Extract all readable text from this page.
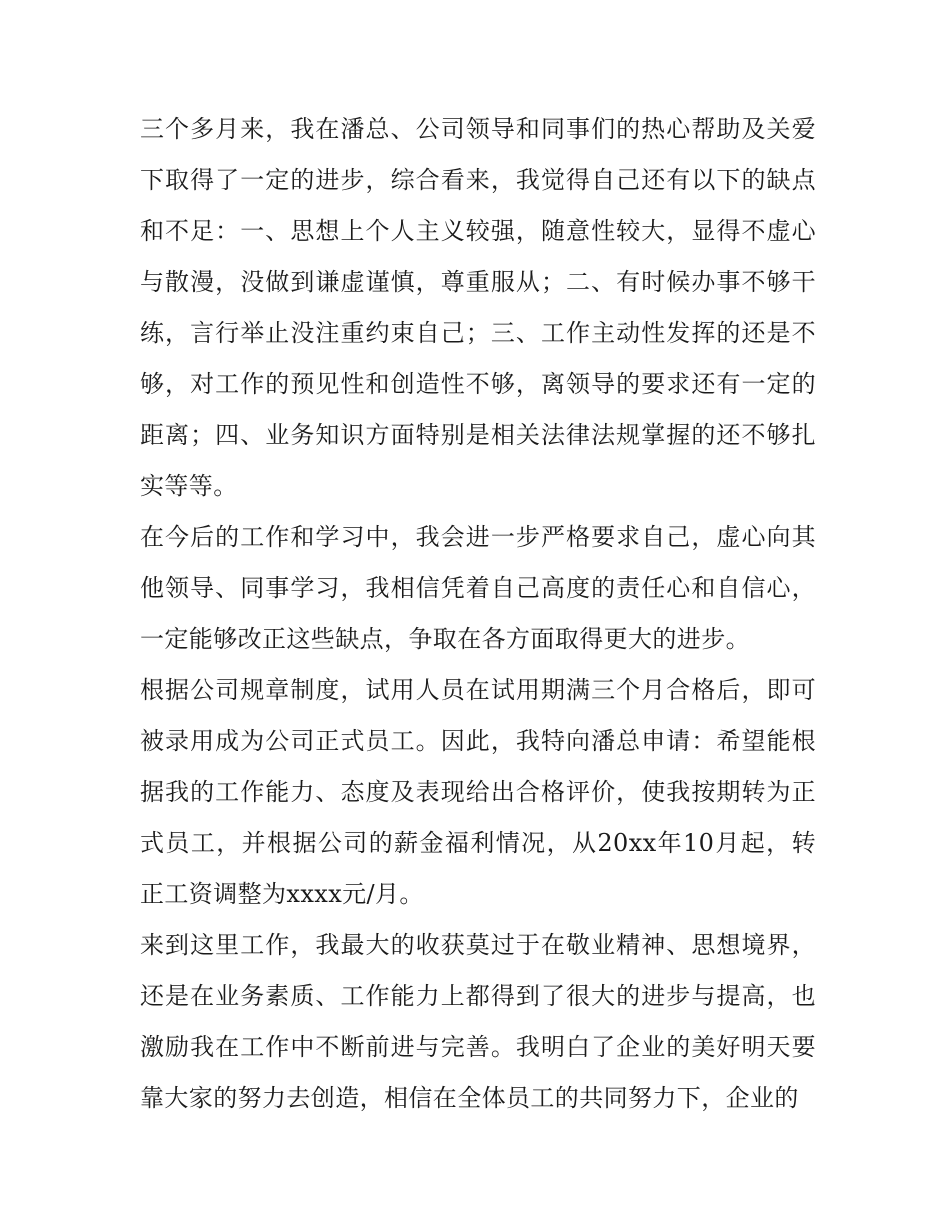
三个多月来，我在潘总、公司领导和同事们的热心帮助及关爱下取得了一定的进步，综合看来，我觉得自己还有以下的缺点和不足：一、思想上个人主义较强，随意性较大，显得不虚心与散漫，没做到谦虚谨慎，尊重服从；二、有时候办事不够干练，言行举止没注重约束自己；三、工作主动性发挥的还是不够，对工作的预见性和创造性不够，离领导的要求还有一定的距离；四、业务知识方面特别是相关法律法规掌握的还不够扎实等等。

在今后的工作和学习中，我会进一步严格要求自己，虚心向其他领导、同事学习，我相信凭着自己高度的责任心和自信心，一定能够改正这些缺点，争取在各方面取得更大的进步。

根据公司规章制度，试用人员在试用期满三个月合格后，即可被录用成为公司正式员工。因此，我特向潘总申请：希望能根据我的工作能力、态度及表现给出合格评价，使我按期转为正式员工，并根据公司的薪金福利情况，从20xx年10月起，转正工资调整为xxxx元/月。

来到这里工作，我最大的收获莫过于在敬业精神、思想境界，还是在业务素质、工作能力上都得到了很大的进步与提高，也激励我在工作中不断前进与完善。我明白了企业的美好明天要靠大家的努力去创造，相信在全体员工的共同努力下，企业的
